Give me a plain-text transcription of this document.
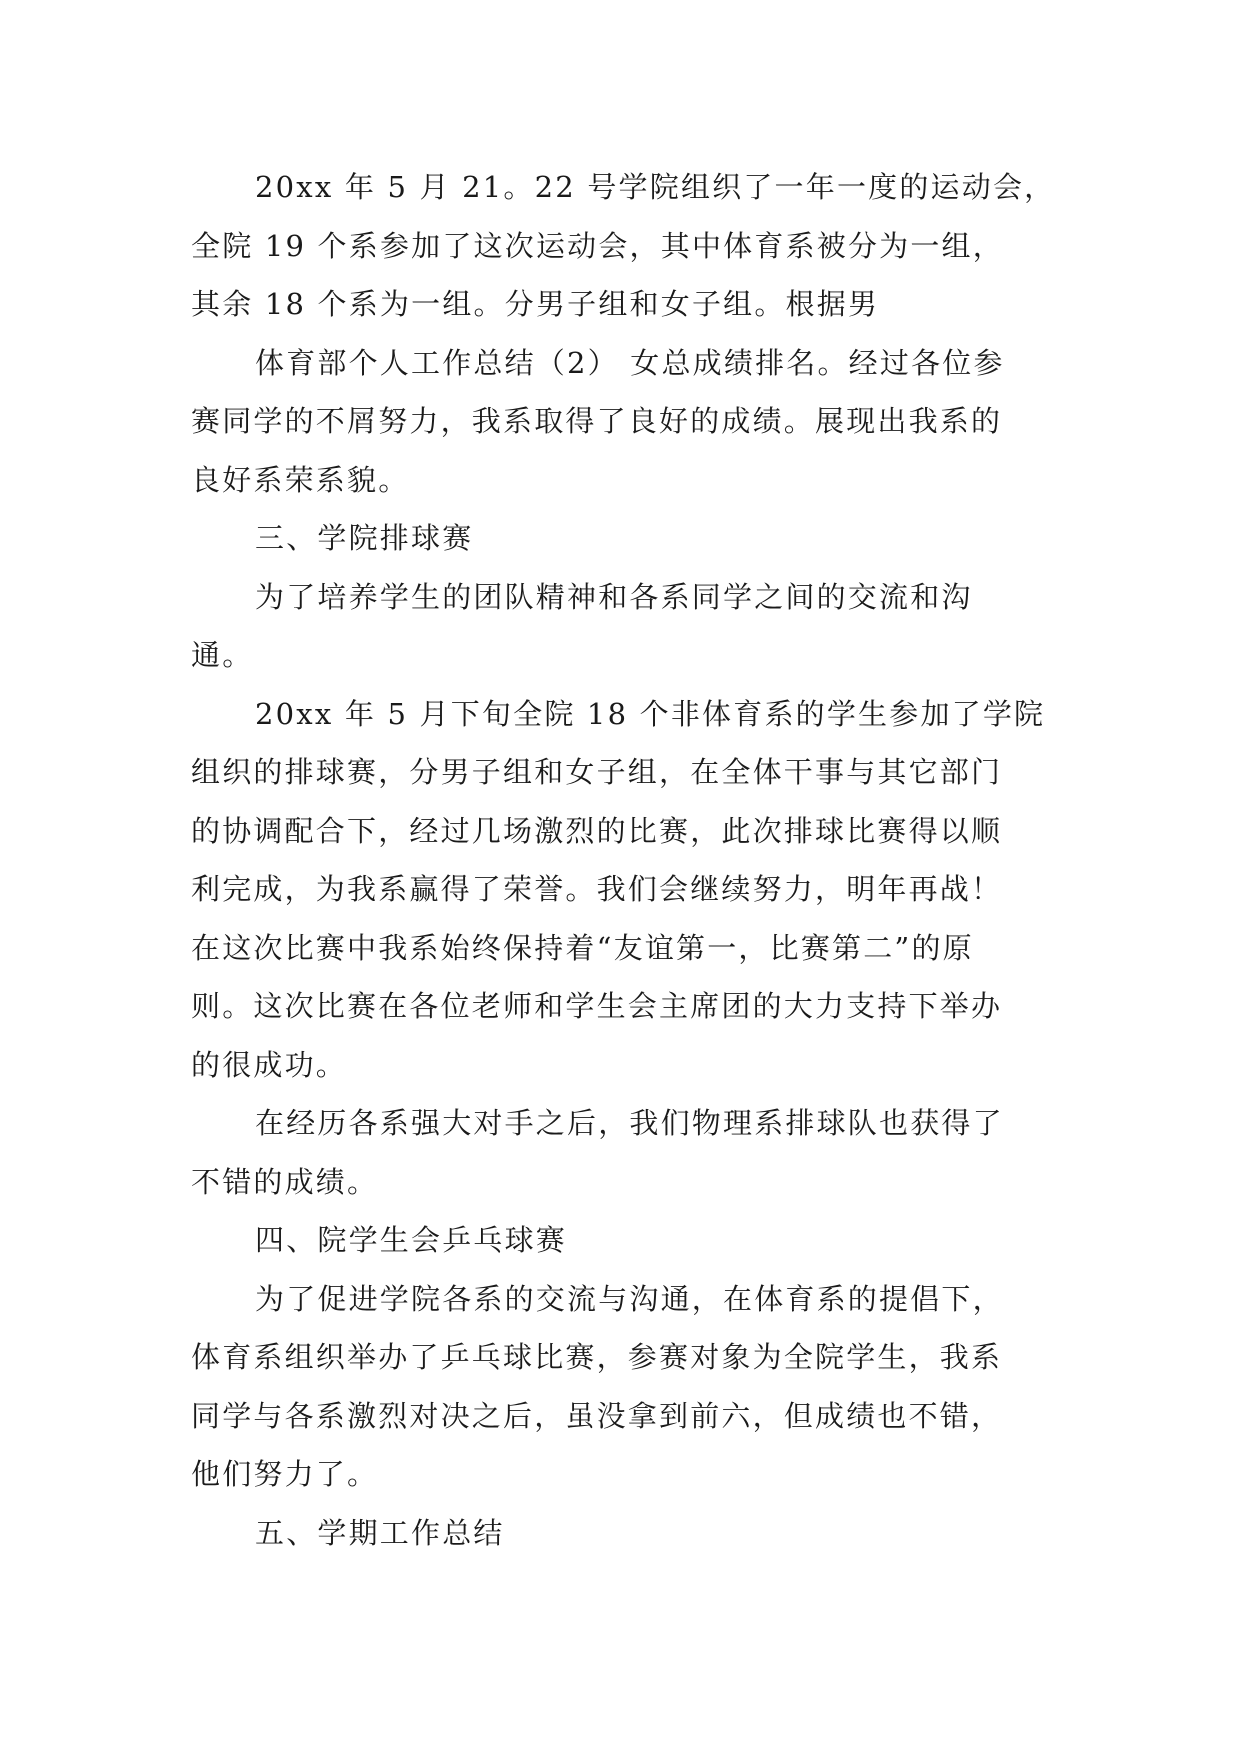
20xx 年 5 月 21。22 号学院组织了一年一度的运动会，
全院 19 个系参加了这次运动会，其中体育系被分为一组，
其余 18 个系为一组。分男子组和女子组。根据男

体育部个人工作总结（2） 女总成绩排名。经过各位参
赛同学的不屑努力，我系取得了良好的成绩。展现出我系的
良好系荣系貌。

三、学院排球赛

为了培养学生的团队精神和各系同学之间的交流和沟
通。

20xx 年 5 月下旬全院 18 个非体育系的学生参加了学院
组织的排球赛，分男子组和女子组，在全体干事与其它部门
的协调配合下，经过几场激烈的比赛，此次排球比赛得以顺
利完成，为我系赢得了荣誉。我们会继续努力，明年再战！
在这次比赛中我系始终保持着“友谊第一，比赛第二”的原
则。这次比赛在各位老师和学生会主席团的大力支持下举办
的很成功。

在经历各系强大对手之后，我们物理系排球队也获得了
不错的成绩。

四、院学生会乒乓球赛

为了促进学院各系的交流与沟通，在体育系的提倡下，
体育系组织举办了乒乓球比赛，参赛对象为全院学生，我系
同学与各系激烈对决之后，虽没拿到前六，但成绩也不错，
他们努力了。

五、学期工作总结
